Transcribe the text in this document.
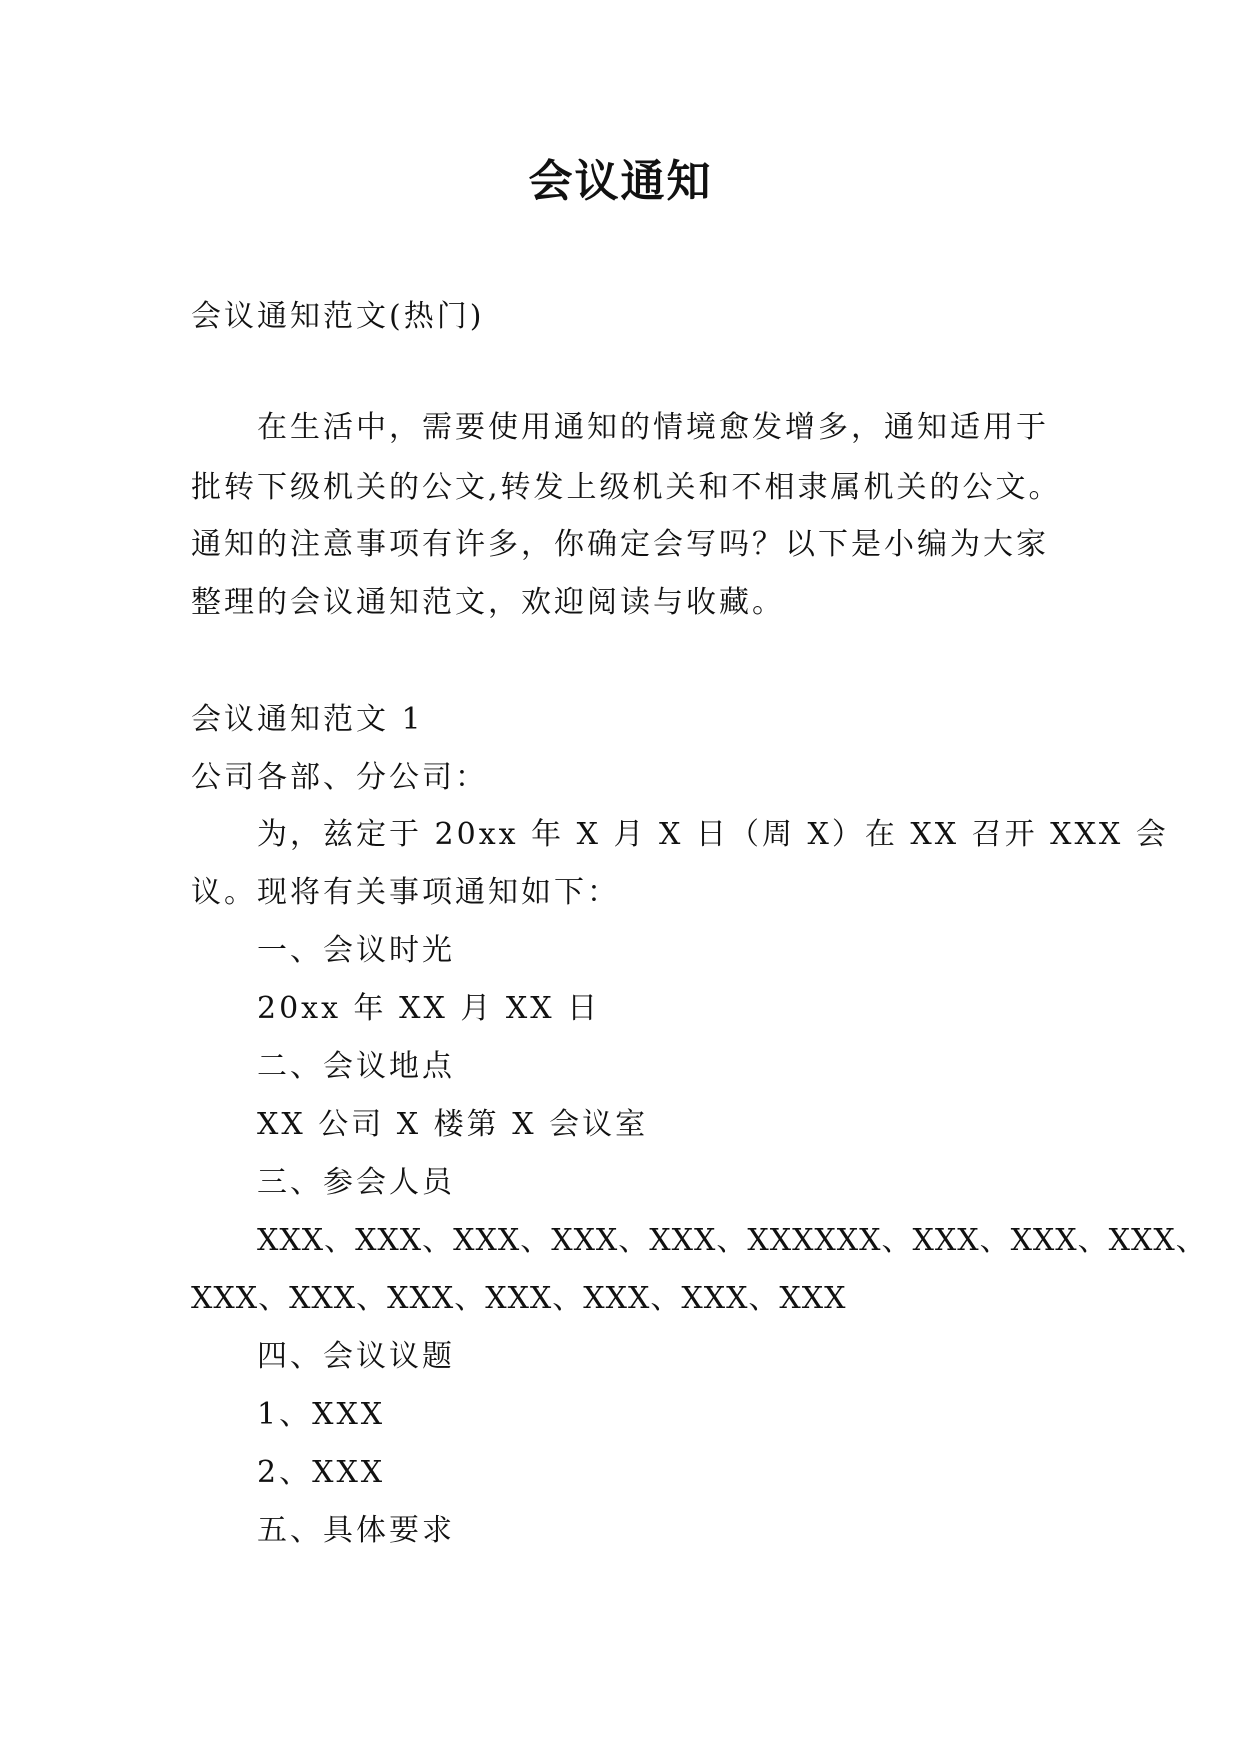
会议通知
会议通知范文(热门)
在生活中，需要使用通知的情境愈发增多，通知适用于
批转下级机关的公文,转发上级机关和不相隶属机关的公文。
通知的注意事项有许多，你确定会写吗？以下是小编为大家
整理的会议通知范文，欢迎阅读与收藏。
会议通知范文 1
公司各部、分公司：
为，兹定于 20xx 年 X 月 X 日（周 X）在 XX 召开 XXX 会
议。现将有关事项通知如下：
一、会议时光
20xx 年 XX 月 XX 日
二、会议地点
XX 公司 X 楼第 X 会议室
三、参会人员
XXX、XXX、XXX、XXX、XXX、XXXXXX、XXX、XXX、XXX、
XXX、XXX、XXX、XXX、XXX、XXX、XXX
四、会议议题
1、XXX
2、XXX
五、具体要求
